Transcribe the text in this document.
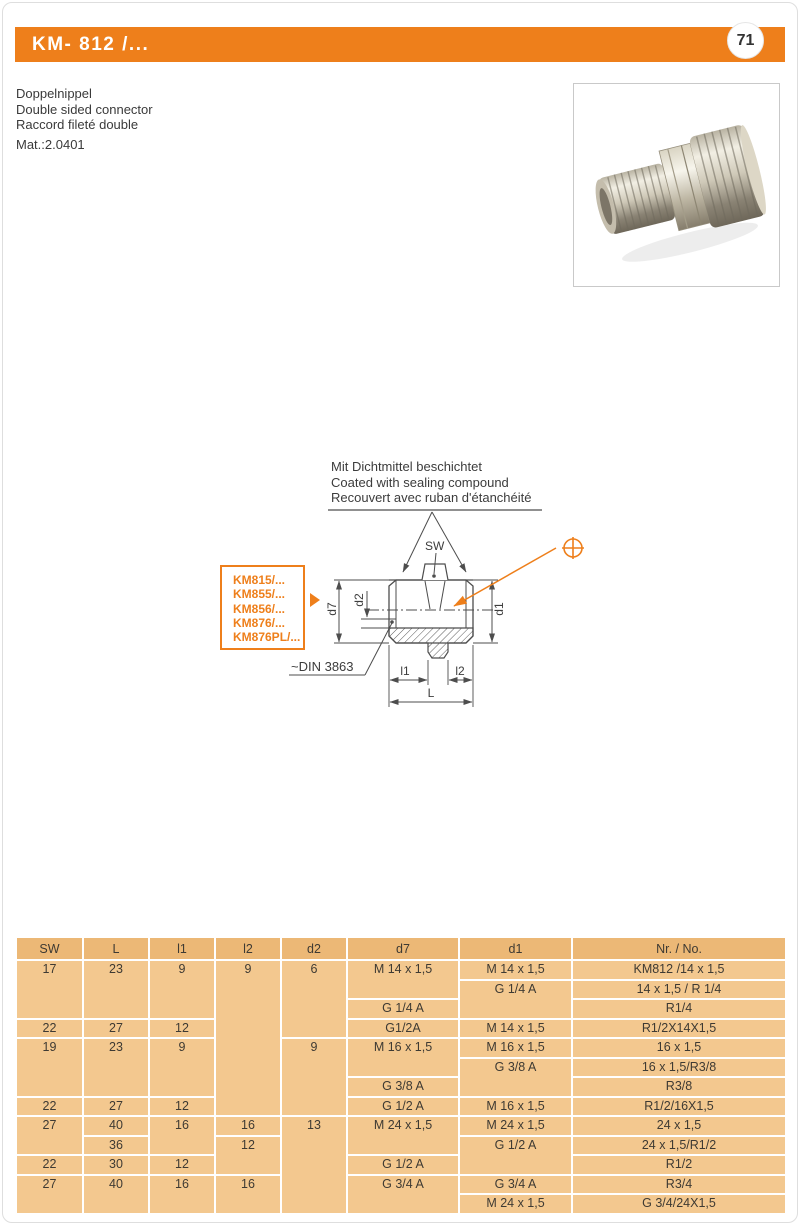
KM- 812 /...	71
Doppelnippel
Double sided connector
Raccord fileté double
Mat.:2.0401
Mit Dichtmittel beschichtet
Coated with sealing compound
Recouvert avec ruban d'étanchéité
SW
d7
d2
d1
l1	l2
L
~DIN 3863
KM815/...
KM855/...
KM856/...
KM876/...
KM876PL/...
SW	L	l1	l2	d2	d7	d1	Nr. / No.
17	23	9	9	6	M 14 x 1,5	M 14 x 1,5	KM812 /14 x 1,5
						G 1/4 A	14 x 1,5 / R 1/4
					G 1/4 A		R1/4
22	27	12			G1/2A	M 14 x 1,5	R1/2X14X1,5
19	23	9		9	M 16 x 1,5	M 16 x 1,5	16 x 1,5
						G 3/8 A	16 x 1,5/R3/8
					G 3/8 A		R3/8
22	27	12			G 1/2 A	M 16 x 1,5	R1/2/16X1,5
27	40	16	16	13	M 24 x 1,5	M 24 x 1,5	24 x 1,5
	36		12			G 1/2 A	24 x 1,5/R1/2
22	30	12			G 1/2 A		R1/2
27	40	16	16		G 3/4 A	G 3/4 A	R3/4
						M 24 x 1,5	G 3/4/24X1,5
